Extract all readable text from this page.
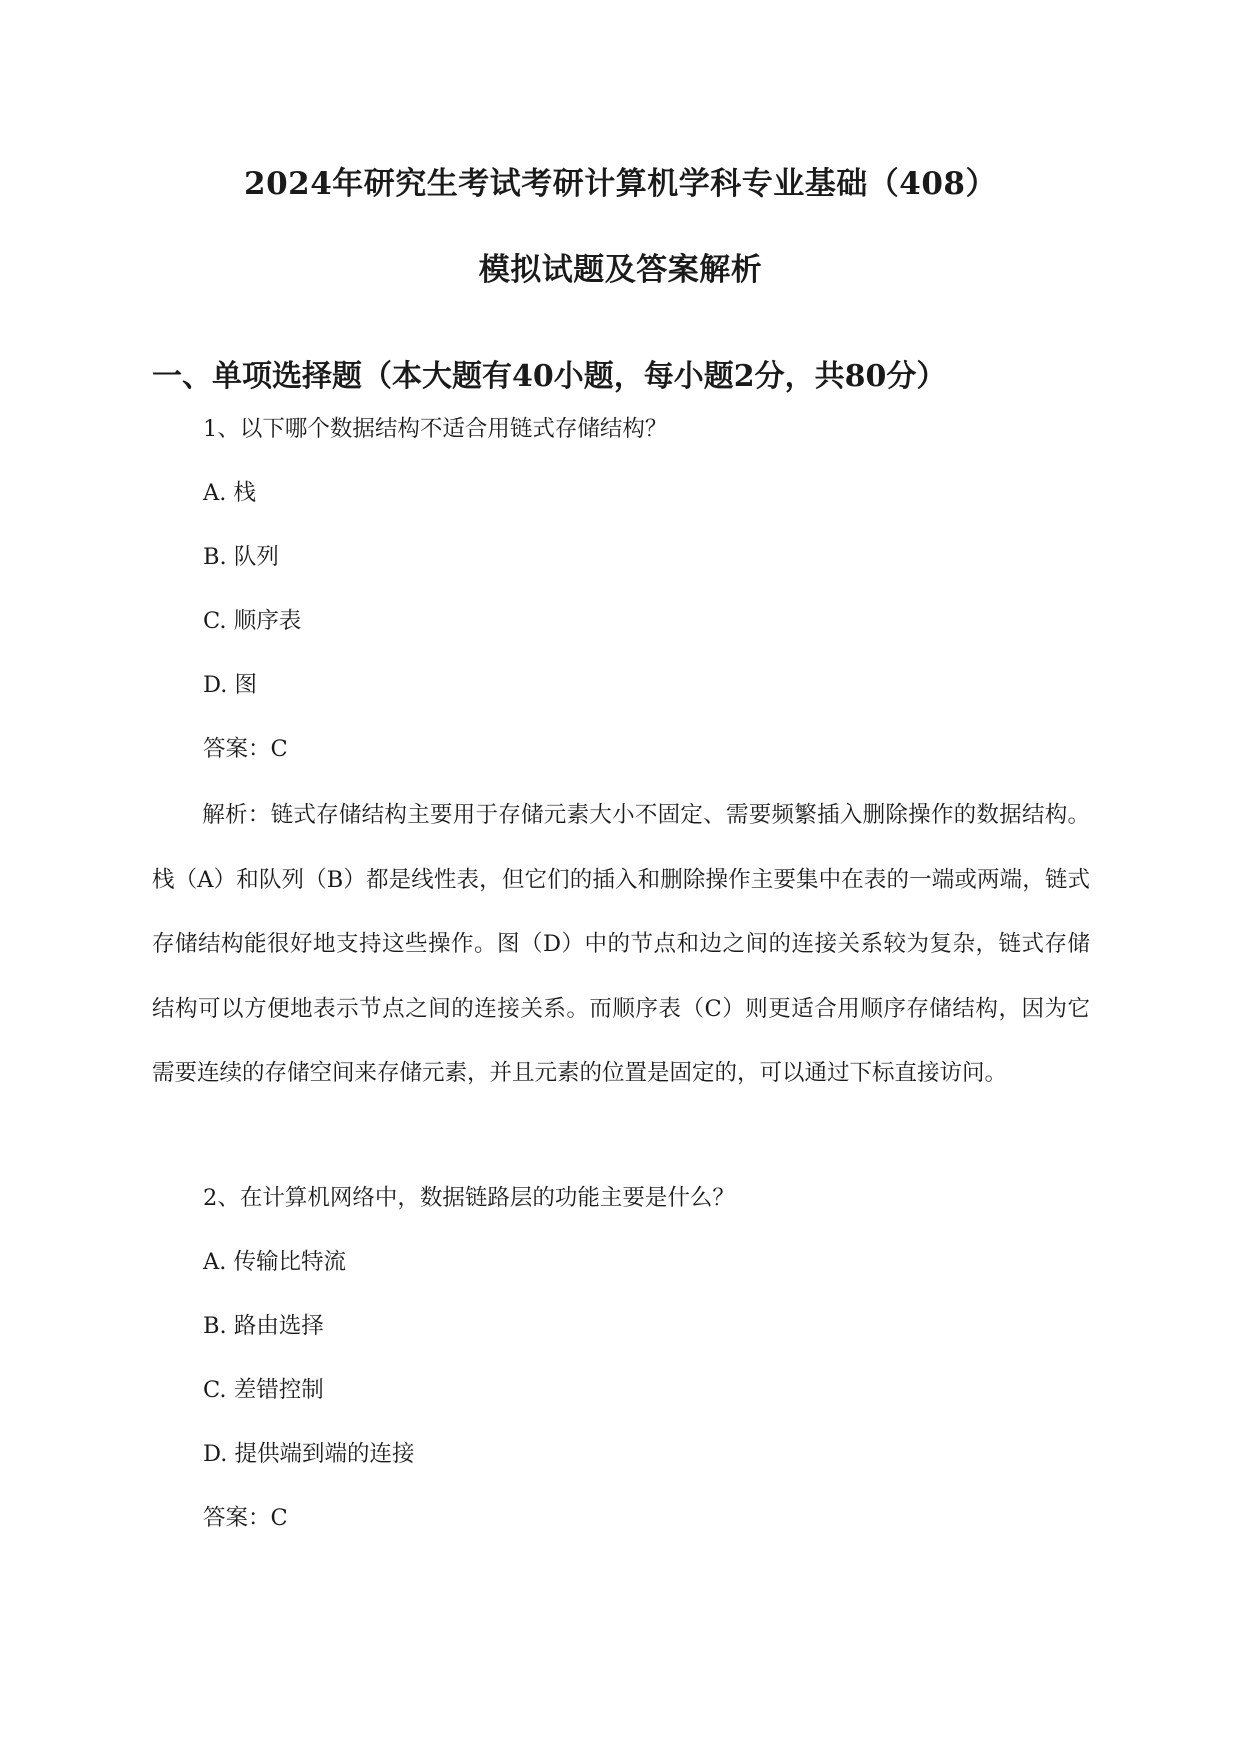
2024年研究生考试考研计算机学科专业基础（408）
模拟试题及答案解析
一、单项选择题（本大题有40小题，每小题2分，共80分）
1、以下哪个数据结构不适合用链式存储结构？
A. 栈
B. 队列
C. 顺序表
D. 图
答案：C
解析：链式存储结构主要用于存储元素大小不固定、需要频繁插入删除操作的数据结构。栈（A）和队列（B）都是线性表，但它们的插入和删除操作主要集中在表的一端或两端，链式存储结构能很好地支持这些操作。图（D）中的节点和边之间的连接关系较为复杂，链式存储结构可以方便地表示节点之间的连接关系。而顺序表（C）则更适合用顺序存储结构，因为它需要连续的存储空间来存储元素，并且元素的位置是固定的，可以通过下标直接访问。
2、在计算机网络中，数据链路层的功能主要是什么？
A. 传输比特流
B. 路由选择
C. 差错控制
D. 提供端到端的连接
答案：C
